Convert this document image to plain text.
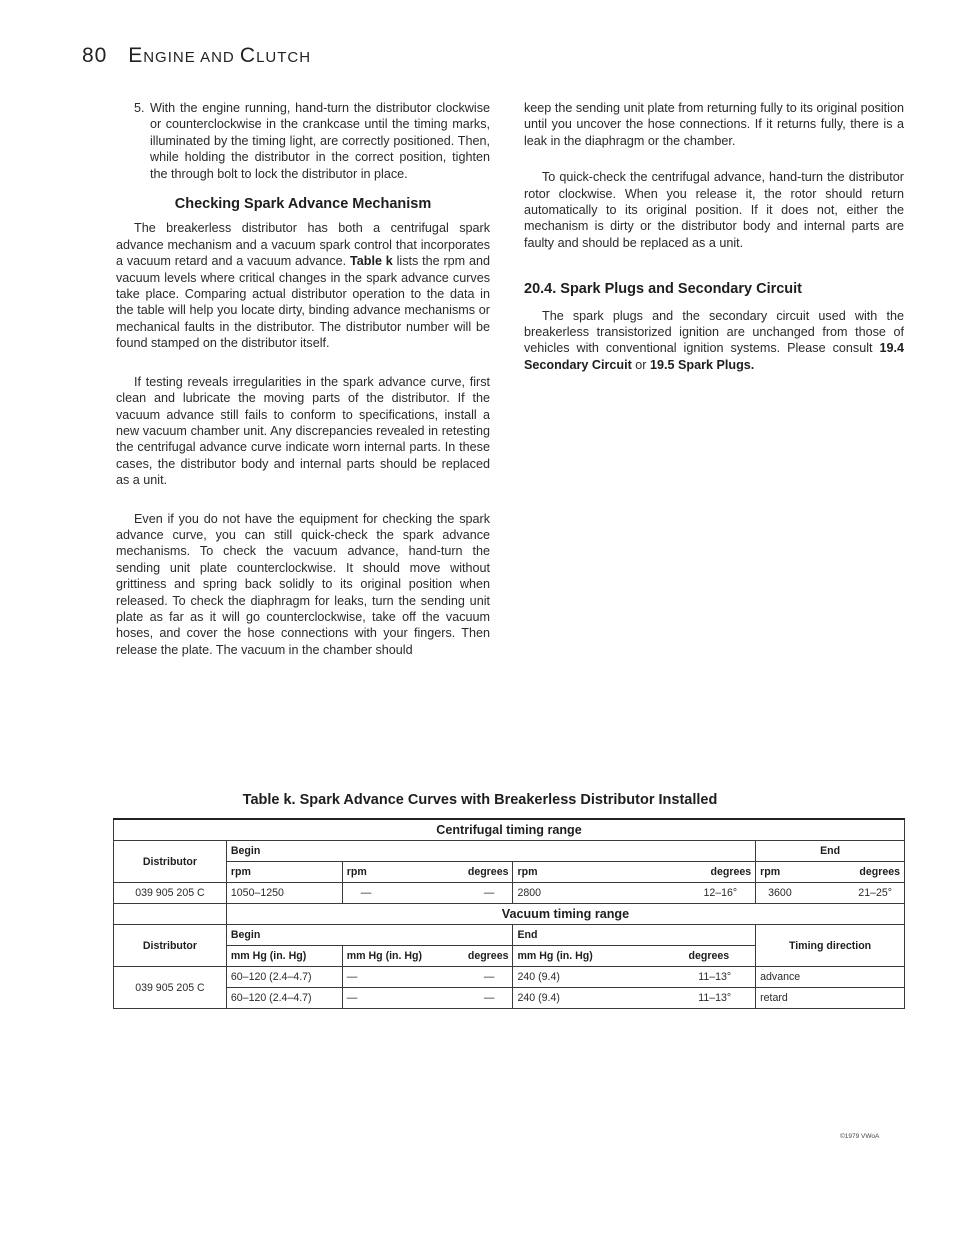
80 ENGINE AND CLUTCH
5. With the engine running, hand-turn the distributor clockwise or counterclockwise in the crankcase until the timing marks, illuminated by the timing light, are correctly positioned. Then, while holding the distributor in the correct position, tighten the through bolt to lock the distributor in place.
Checking Spark Advance Mechanism

The breakerless distributor has both a centrifugal spark advance mechanism and a vacuum spark control that incorporates a vacuum retard and a vacuum advance. Table k lists the rpm and vacuum levels where critical changes in the spark advance curves take place. Comparing actual distributor operation to the data in the table will help you locate dirty, binding advance mechanisms or mechanical faults in the distributor. The distributor number will be found stamped on the distributor itself.

If testing reveals irregularities in the spark advance curve, first clean and lubricate the moving parts of the distributor. If the vacuum advance still fails to conform to specifications, install a new vacuum chamber unit. Any discrepancies revealed in retesting the centrifugal advance curve indicate worn internal parts. In these cases, the distributor body and internal parts should be replaced as a unit.

Even if you do not have the equipment for checking the spark advance curve, you can still quick-check the spark advance mechanisms. To check the vacuum advance, hand-turn the sending unit plate counterclockwise. It should move without grittiness and spring back solidly to its original position when released. To check the diaphragm for leaks, turn the sending unit plate as far as it will go counterclockwise, take off the vacuum hoses, and cover the hose connections with your fingers. Then release the plate. The vacuum in the chamber should

keep the sending unit plate from returning fully to its original position until you uncover the hose connections. If it returns fully, there is a leak in the diaphragm or the chamber.

To quick-check the centrifugal advance, hand-turn the distributor rotor clockwise. When you release it, the rotor should return automatically to its original position. If it does not, either the mechanism is dirty or the distributor body and internal parts are faulty and should be replaced as a unit.

20.4. Spark Plugs and Secondary Circuit

The spark plugs and the secondary circuit used with the breakerless transistorized ignition are unchanged from those of vehicles with conventional ignition systems. Please consult 19.4 Secondary Circuit or 19.5 Spark Plugs.

Table k. Spark Advance Curves with Breakerless Distributor Installed
Centrifugal timing range				
Distributor	Begin			End
	rpm	rpm degrees	rpm degrees	rpm degrees

039 905 205 C	1050–1250	— —	2800 12–16°	3600 21–25°

	Vacuum timing range			
Distributor	Begin		End	Timing direction
	mm Hg (in. Hg)	mm Hg (in. Hg) degrees	mm Hg (in. Hg) degrees	

039 905 205 C	60–120 (2.4–4.7)	— —	240 (9.4) 11–13°	advance
	60–120 (2.4–4.7)	— —	240 (9.4) 11–13°	retard
©1979 VWoA
